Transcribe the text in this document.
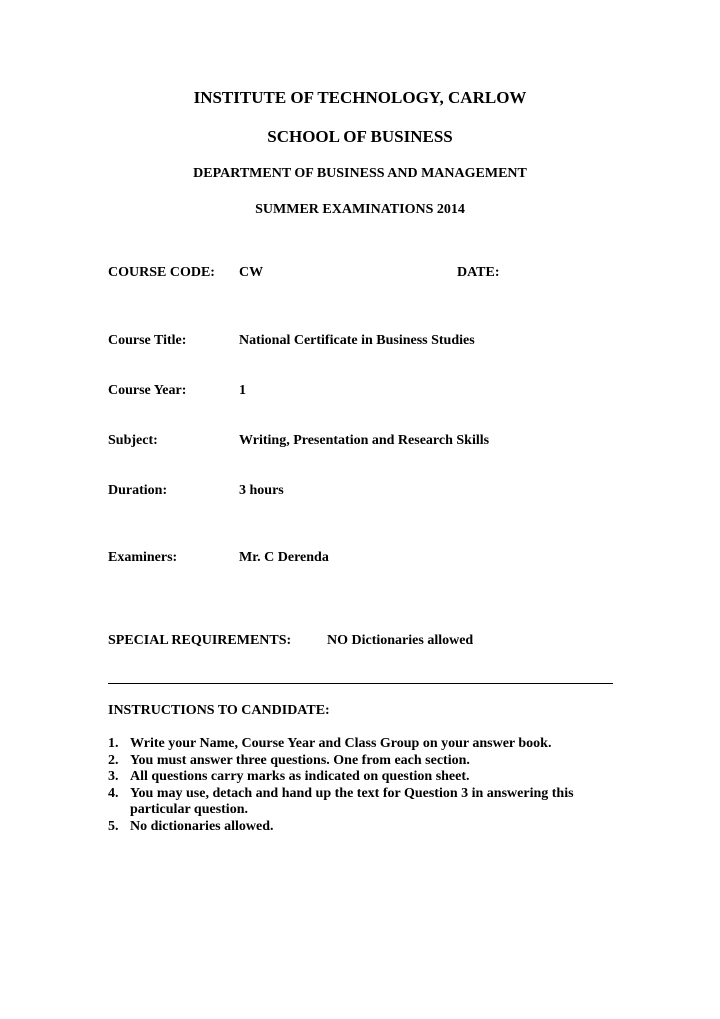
INSTITUTE OF TECHNOLOGY, CARLOW
SCHOOL OF BUSINESS
DEPARTMENT OF BUSINESS AND MANAGEMENT
SUMMER EXAMINATIONS 2014
COURSE CODE: CW	DATE:
Course Title:	National Certificate in Business Studies
Course Year:	1
Subject:	Writing, Presentation and Research Skills
Duration:	3 hours
Examiners:	Mr. C Derenda
SPECIAL REQUIREMENTS:	NO Dictionaries allowed
INSTRUCTIONS TO CANDIDATE:
1. Write your Name, Course Year and Class Group on your answer book.
2. You must answer three questions. One from each section.
3. All questions carry marks as indicated on question sheet.
4. You may use, detach and hand up the text for Question 3 in answering this particular question.
5. No dictionaries allowed.
